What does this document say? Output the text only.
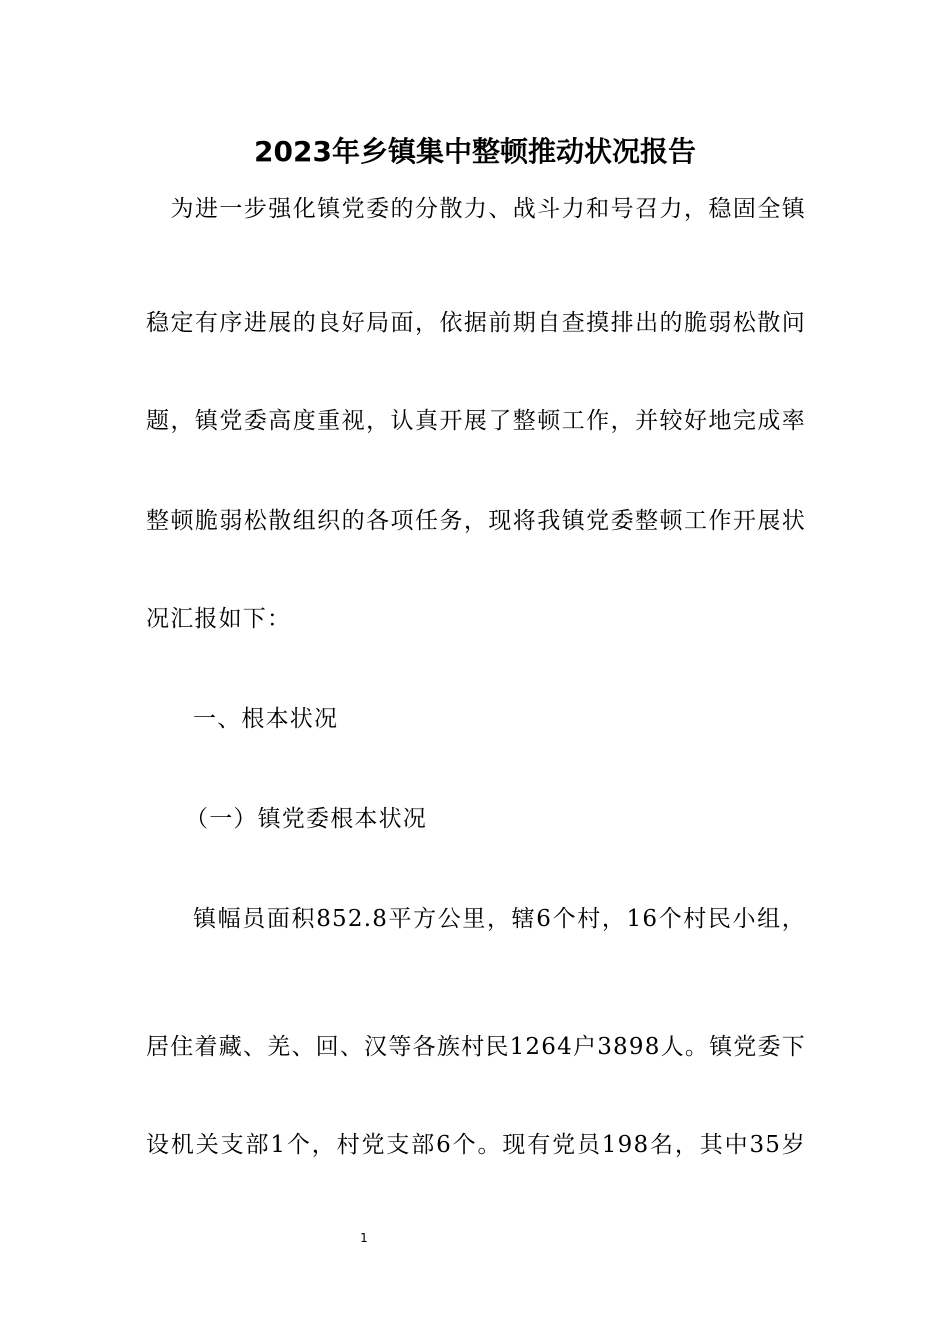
2023年乡镇集中整顿推动状况报告
　为进一步强化镇党委的分散力、战斗力和号召力，稳固全镇
稳定有序进展的良好局面，依据前期自查摸排出的脆弱松散问
题，镇党委高度重视，认真开展了整顿工作，并较好地完成率
整顿脆弱松散组织的各项任务，现将我镇党委整顿工作开展状
况汇报如下：
一、根本状况
（一）镇党委根本状况
镇幅员面积852.8平方公里，辖6个村，16个村民小组，
居住着藏、羌、回、汉等各族村民1264户3898人。镇党委下
设机关支部1个，村党支部6个。现有党员198名，其中35岁
1
